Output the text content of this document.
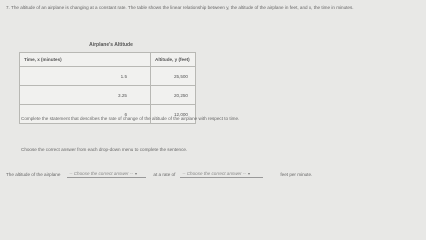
7. The altitude of an airplane is changing at a constant rate. The table shows the linear relationship between y, the altitude of the airplane in feet, and x, the time in minutes.
Airplane's Altitude
Time, x (minutes)	Altitude, y (feet)
1.5	25,500
3.25	20,250
6	12,000
Complete the statement that describes the rate of change of the altitude of the airplane with respect to time.
Choose the correct answer from each drop-down menu to complete the sentence.
The altitude of the airplane -- Choose the correct answer -- ▾	at a rate of -- Choose the correct answer -- ▾	feet per minute.
